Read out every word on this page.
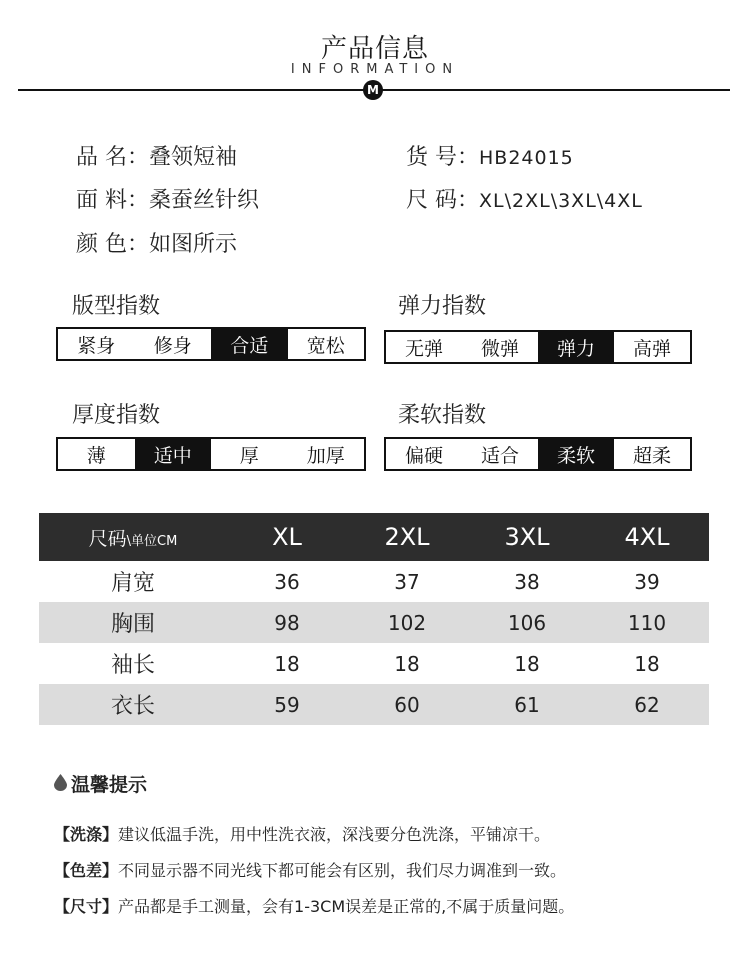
产品信息
INFORMATION
M
品 名：叠领短袖	货 号：HB24015
面 料：桑蚕丝针织	尺 码：XL\2XL\3XL\4XL
颜 色：如图所示
版型指数
紧身	修身	合适	宽松
弹力指数
无弹	微弹	弹力	高弹
厚度指数
薄	适中	厚	加厚
柔软指数
偏硬	适合	柔软	超柔
尺码\单位CM	XL	2XL	3XL	4XL
肩宽	36	37	38	39
胸围	98	102	106	110
袖长	18	18	18	18
衣长	59	60	61	62
温馨提示
【洗涤】建议低温手洗，用中性洗衣液，深浅要分色洗涤，平铺凉干。
【色差】不同显示器不同光线下都可能会有区别，我们尽力调准到一致。
【尺寸】产品都是手工测量，会有1-3CM误差是正常的,不属于质量问题。
